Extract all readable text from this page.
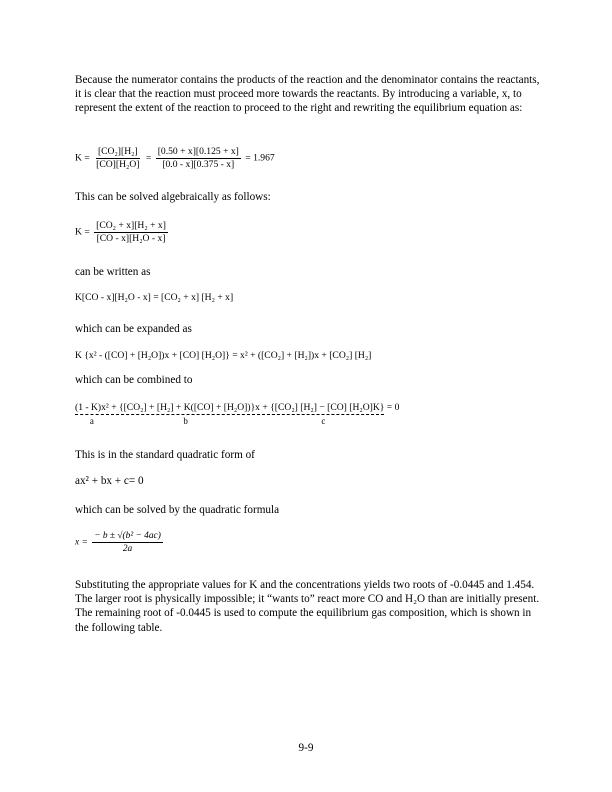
Because the numerator contains the products of the reaction and the denominator contains the reactants, it is clear that the reaction must proceed more towards the reactants. By introducing a variable, x, to represent the extent of the reaction to proceed to the right and rewriting the equilibrium equation as:
$K = \frac{\text{[CO₂][H₂]}}{\text{[CO][H₂O]}} = \frac{[0.50 + x][0.125 + x]}{[0.0 - x][0.375 - x]} = 1.967$
This can be solved algebraically as follows:
$K = \frac{\text{[CO₂ + x][H₂ + x]}}{\text{[CO - x][H₂O - x]}}$
can be written as
K[CO - x][H₂O - x] = [CO₂ + x] [H₂ + x]
which can be expanded as
K {x² - ([CO] + [H₂O])x + [CO] [H₂O]} = x² + ([CO₂] + [H₂])x + [CO₂] [H₂]
which can be combined to
(1 - K)x²
a
+ {[CO₂] + [H₂] + K([CO] + [H₂O])}x
b
+ {[CO₂] [H₂] − [CO] [H₂O]K}
c
= 0
This is in the standard quadratic form of
ax² + bx + c= 0
which can be solved by the quadratic formula
$x = \frac{\text{− b ± √(b² − 4ac)}}{2a}$
Substituting the appropriate values for K and the concentrations yields two roots of -0.0445 and 1.454. The larger root is physically impossible; it “wants to” react more CO and H₂O than are initially present. The remaining root of -0.0445 is used to compute the equilibrium gas composition, which is shown in the following table.
9-9
